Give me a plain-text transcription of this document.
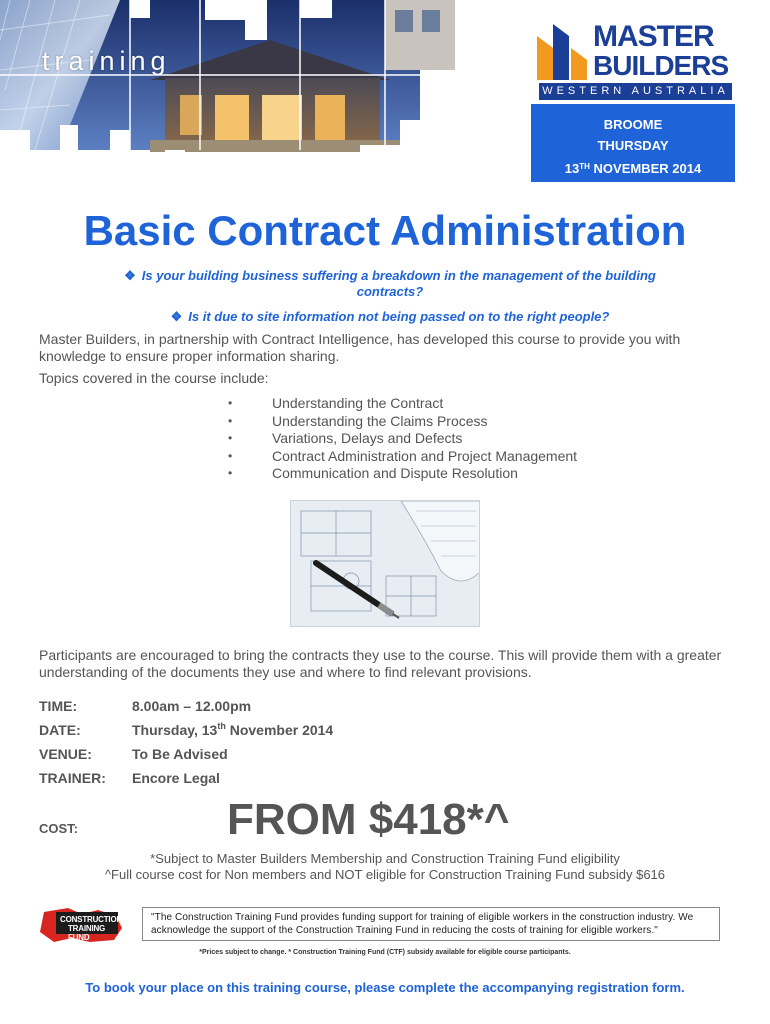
training
MASTER
BUILDERS
WESTERN AUSTRALIA
BROOME
THURSDAY
13TH NOVEMBER 2014
Basic Contract Administration
❖ Is your building business suffering a breakdown in the management of the building contracts?
❖ Is it due to site information not being passed on to the right people?
Master Builders, in partnership with Contract Intelligence, has developed this course to provide you with knowledge to ensure proper information sharing.
Topics covered in the course include:
• Understanding the Contract
• Understanding the Claims Process
• Variations, Delays and Defects
• Contract Administration and Project Management
• Communication and Dispute Resolution
Participants are encouraged to bring the contracts they use to the course. This will provide them with a greater understanding of the documents they use and where to find relevant provisions.
TIME:	8.00am – 12.00pm
DATE:	Thursday, 13th November 2014
VENUE:	To Be Advised
TRAINER: Encore Legal
COST:	FROM $418*^
*Subject to Master Builders Membership and Construction Training Fund eligibility
^Full course cost for Non members and NOT eligible for Construction Training Fund subsidy $616
CONSTRUCTION
TRAINING FUND
"The Construction Training Fund provides funding support for training of eligible workers in the construction industry. We acknowledge the support of the Construction Training Fund in reducing the costs of training for eligible workers."
*Prices subject to change. * Construction Training Fund (CTF) subsidy available for eligible course participants.
To book your place on this training course, please complete the accompanying registration form.
